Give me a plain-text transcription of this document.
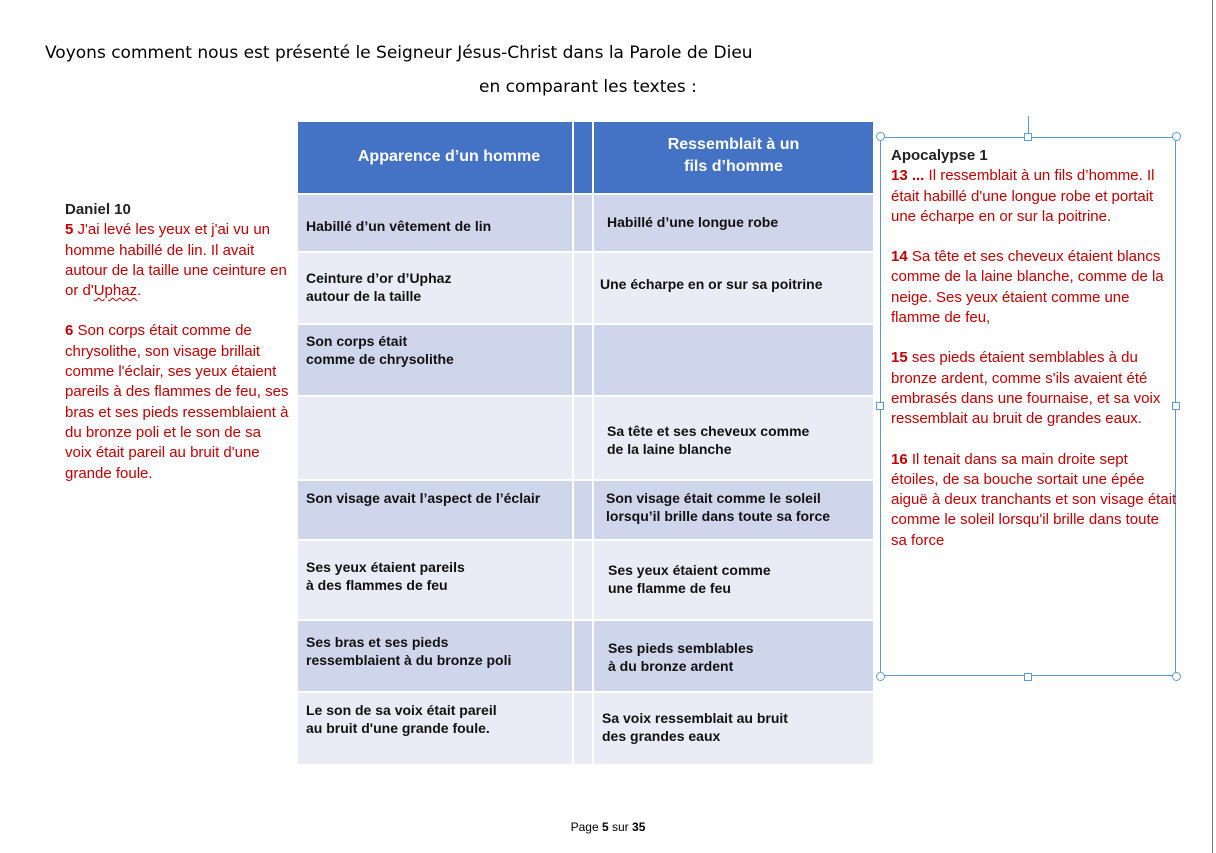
Voyons comment nous est présenté le Seigneur Jésus-Christ dans la Parole de Dieu
en comparant les textes :
Daniel 10
5 J'ai levé les yeux et j'ai vu un homme habillé de lin. Il avait autour de la taille une ceinture en or d'Uphaz.
6 Son corps était comme de chrysolithe, son visage brillait comme l'éclair, ses yeux étaient pareils à des flammes de feu, ses bras et ses pieds ressemblaient à du bronze poli et le son de sa voix était pareil au bruit d'une grande foule.
Apparence d’un homme		Ressemblait à un
fils d’homme

Habillé d’un vêtement de lin		Habillé d’une longue robe

Ceinture d’or d’Uphaz
autour de la taille		Une écharpe en or sur sa poitrine

Son corps était
comme de chrysolithe		

		Sa tête et ses cheveux comme
de la laine blanche

Son visage avait l’aspect de l’éclair		Son visage était comme le soleil
lorsqu’il brille dans toute sa force

Ses yeux étaient pareils
à des flammes de feu		Ses yeux étaient comme
une flamme de feu

Ses bras et ses pieds
ressemblaient à du bronze poli		Ses pieds semblables
à du bronze ardent

Le son de sa voix était pareil
au bruit d'une grande foule.		Sa voix ressemblait au bruit
des grandes eaux
Apocalypse 1
13 ... Il ressemblait à un fils d’homme. Il était habillé d'une longue robe et portait une écharpe en or sur la poitrine.
14 Sa tête et ses cheveux étaient blancs comme de la laine blanche, comme de la neige. Ses yeux étaient comme une flamme de feu,
15 ses pieds étaient semblables à du bronze ardent, comme s'ils avaient été embrasés dans une fournaise, et sa voix ressemblait au bruit de grandes eaux.
16 Il tenait dans sa main droite sept étoiles, de sa bouche sortait une épée aiguë à deux tranchants et son visage était comme le soleil lorsqu'il brille dans toute sa force
Page 5 sur 35
